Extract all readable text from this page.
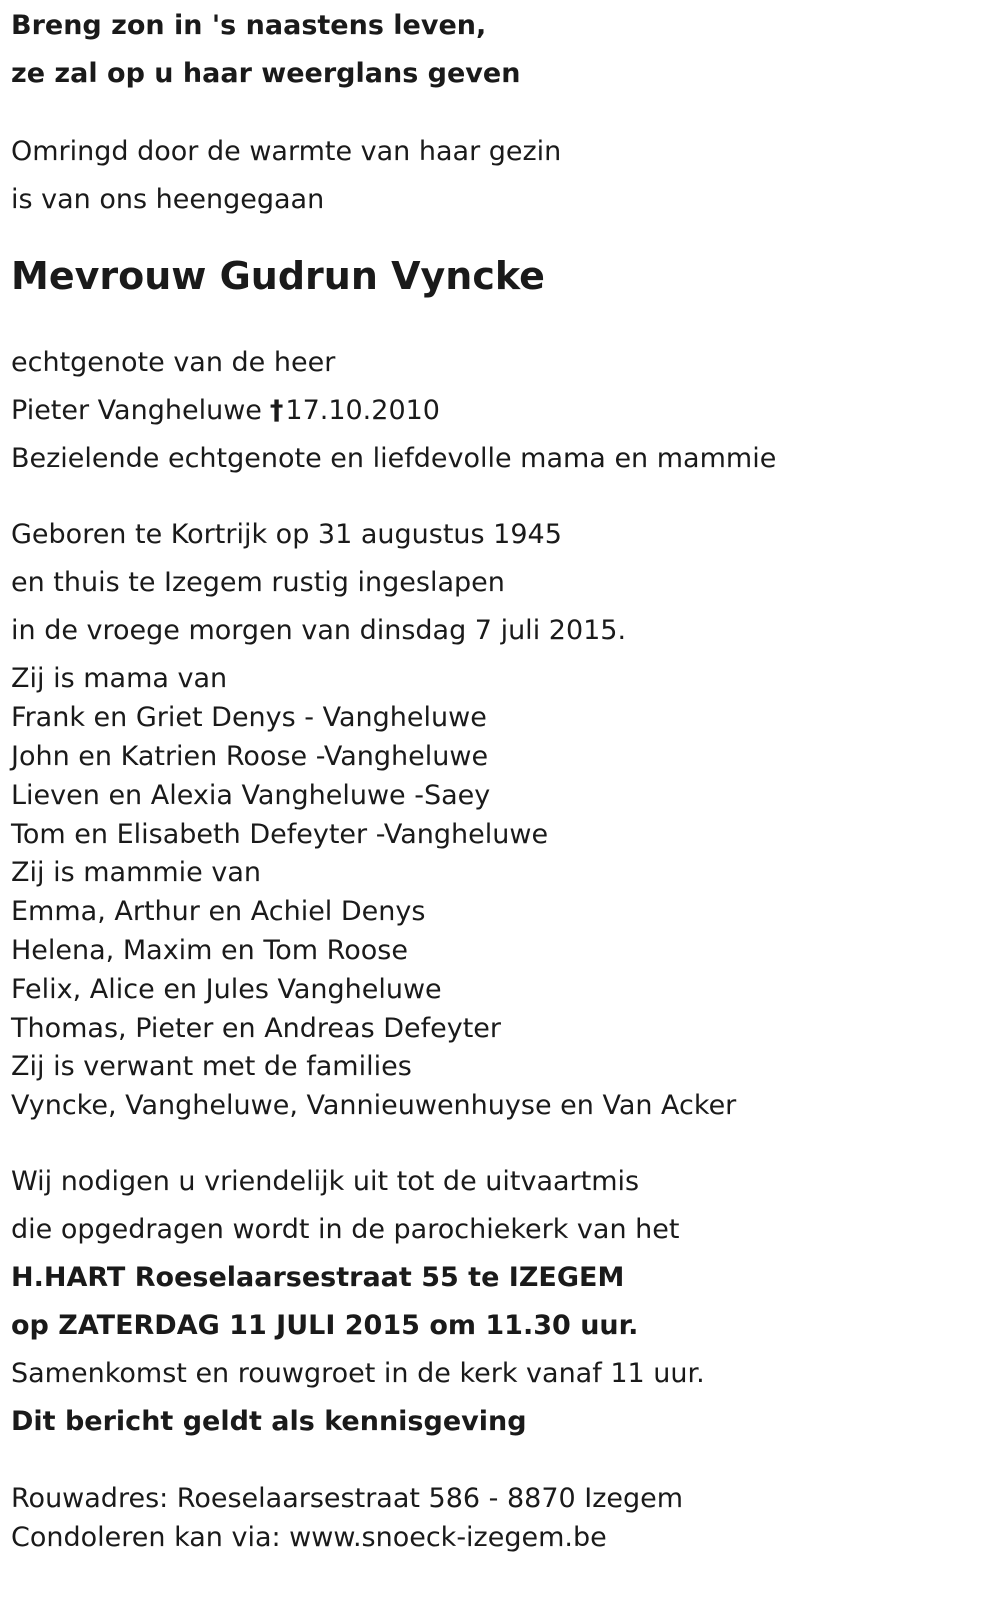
Breng zon in 's naastens leven,
ze zal op u haar weerglans geven
Omringd door de warmte van haar gezin
is van ons heengegaan
Mevrouw Gudrun Vyncke
echtgenote van de heer
Pieter Vangheluwe †17.10.2010
Bezielende echtgenote en liefdevolle mama en mammie
Geboren te Kortrijk op 31 augustus 1945
en thuis te Izegem rustig ingeslapen
in de vroege morgen van dinsdag 7 juli 2015.
Zij is mama van
Frank en Griet Denys - Vangheluwe
John en Katrien Roose -Vangheluwe
Lieven en Alexia Vangheluwe -Saey
Tom en Elisabeth Defeyter -Vangheluwe
Zij is mammie van
Emma, Arthur en Achiel Denys
Helena, Maxim en Tom Roose
Felix, Alice en Jules Vangheluwe
Thomas, Pieter en Andreas Defeyter
Zij is verwant met de families
Vyncke, Vangheluwe, Vannieuwenhuyse en Van Acker
Wij nodigen u vriendelijk uit tot de uitvaartmis
die opgedragen wordt in de parochiekerk van het
H.HART Roeselaarsestraat 55 te IZEGEM
op ZATERDAG 11 JULI 2015 om 11.30 uur.
Samenkomst en rouwgroet in de kerk vanaf 11 uur.
Dit bericht geldt als kennisgeving
Rouwadres: Roeselaarsestraat 586 - 8870 Izegem
Condoleren kan via: www.snoeck-izegem.be
